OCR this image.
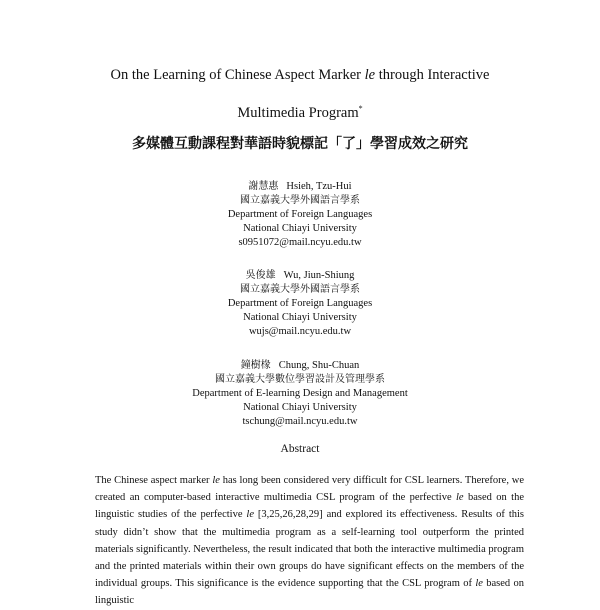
On the Learning of Chinese Aspect Marker le through Interactive
Multimedia Program*
多媒體互動課程對華語時貌標記「了」學習成效之研究
謝慧惠 Hsieh, Tzu-Hui
國立嘉義大學外國語言學系
Department of Foreign Languages
National Chiayi University
s0951072@mail.ncyu.edu.tw
吳俊雄 Wu, Jiun-Shiung
國立嘉義大學外國語言學系
Department of Foreign Languages
National Chiayi University
wujs@mail.ncyu.edu.tw
鐘樹椽 Chung, Shu-Chuan
國立嘉義大學數位學習設計及管理學系
Department of E-learning Design and Management
National Chiayi University
tschung@mail.ncyu.edu.tw
Abstract
The Chinese aspect marker le has long been considered very difficult for CSL learners. Therefore, we created an computer-based interactive multimedia CSL program of the perfective le based on the linguistic studies of the perfective le [3,25,26,28,29] and explored its effectiveness. Results of this study didn’t show that the multimedia program as a self-learning tool outperform the printed materials significantly. Nevertheless, the result indicated that both the interactive multimedia program and the printed materials within their own groups do have significant effects on the members of the individual groups. This significance is the evidence supporting that the CSL program of le based on linguistic
